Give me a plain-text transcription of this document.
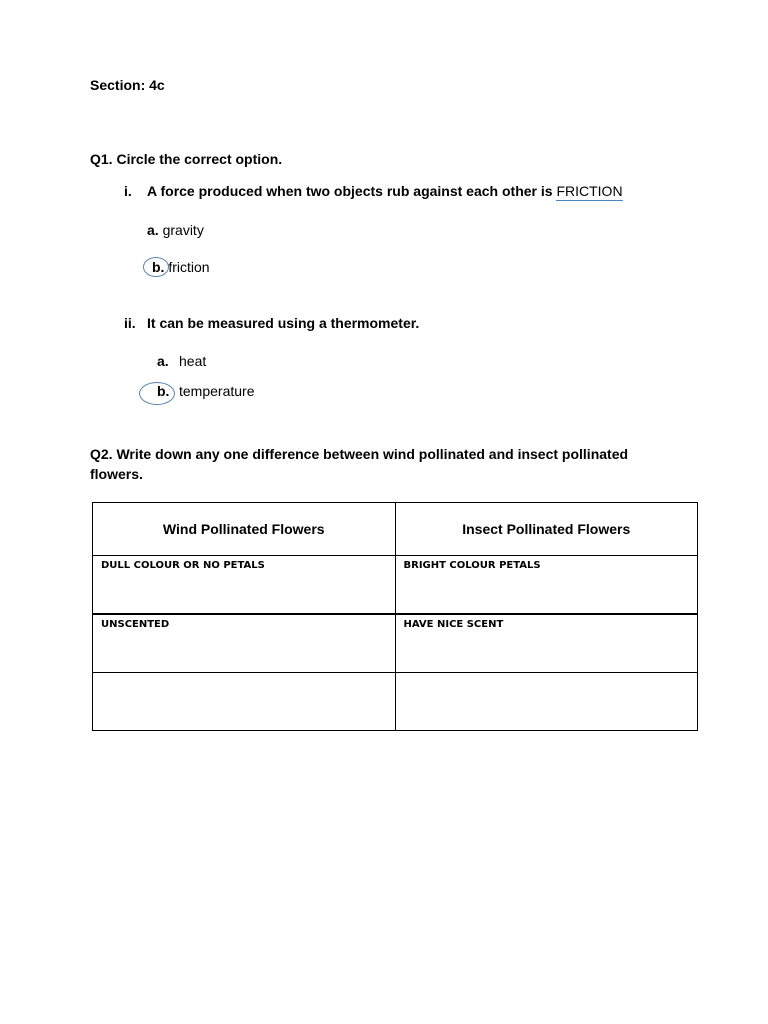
Section: 4c
Q1. Circle the correct option.
i. A force produced when two objects rub against each other is FRICTION
a. gravity
b. friction
ii. It can be measured using a thermometer.
a. heat
b. temperature
Q2. Write down any one difference between wind pollinated and insect pollinated
flowers.
Wind Pollinated Flowers	Insect Pollinated Flowers
DULL COLOUR OR NO PETALS	BRIGHT COLOUR PETALS
UNSCENTED	HAVE NICE SCENT
